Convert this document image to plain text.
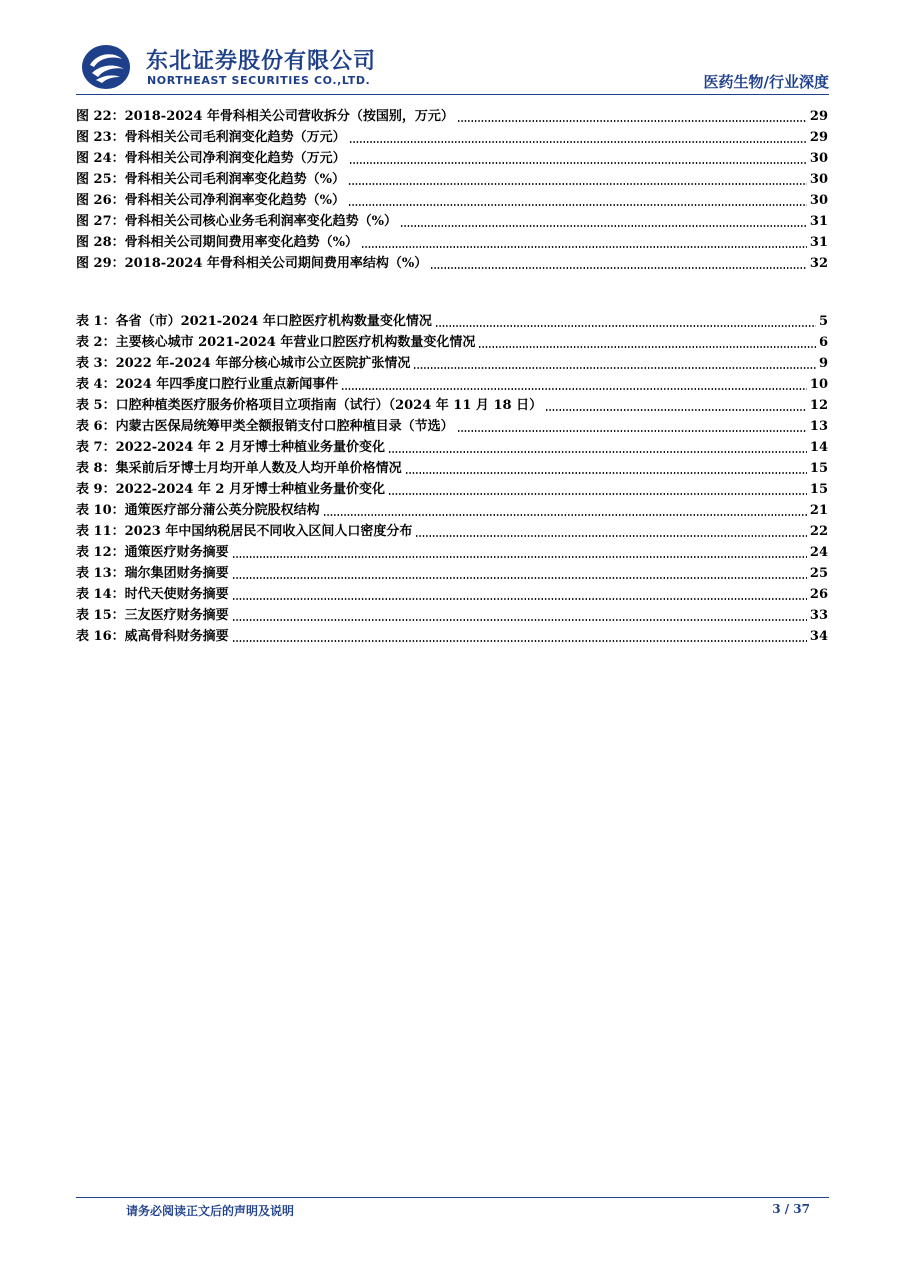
东北证券股份有限公司
NORTHEAST SECURITIES CO.,LTD.	医药生物/行业深度
图 22：2018-2024 年骨科相关公司营收拆分（按国别，万元）	29
图 23：骨科相关公司毛利润变化趋势（万元）	29
图 24：骨科相关公司净利润变化趋势（万元）	30
图 25：骨科相关公司毛利润率变化趋势（%）	30
图 26：骨科相关公司净利润率变化趋势（%）	30
图 27：骨科相关公司核心业务毛利润率变化趋势（%）	31
图 28：骨科相关公司期间费用率变化趋势（%）	31
图 29：2018-2024 年骨科相关公司期间费用率结构（%）	32
表 1：各省（市）2021-2024 年口腔医疗机构数量变化情况	5
表 2：主要核心城市 2021-2024 年营业口腔医疗机构数量变化情况	6
表 3：2022 年-2024 年部分核心城市公立医院扩张情况	9
表 4：2024 年四季度口腔行业重点新闻事件	10
表 5：口腔种植类医疗服务价格项目立项指南（试行）（2024 年 11 月 18 日）	12
表 6：内蒙古医保局统筹甲类全额报销支付口腔种植目录（节选）	13
表 7：2022-2024 年 2 月牙博士种植业务量价变化	14
表 8：集采前后牙博士月均开单人数及人均开单价格情况	15
表 9：2022-2024 年 2 月牙博士种植业务量价变化	15
表 10：通策医疗部分蒲公英分院股权结构	21
表 11：2023 年中国纳税居民不同收入区间人口密度分布	22
表 12：通策医疗财务摘要	24
表 13：瑞尔集团财务摘要	25
表 14：时代天使财务摘要	26
表 15：三友医疗财务摘要	33
表 16：威高骨科财务摘要	34
请务必阅读正文后的声明及说明	3 / 37
